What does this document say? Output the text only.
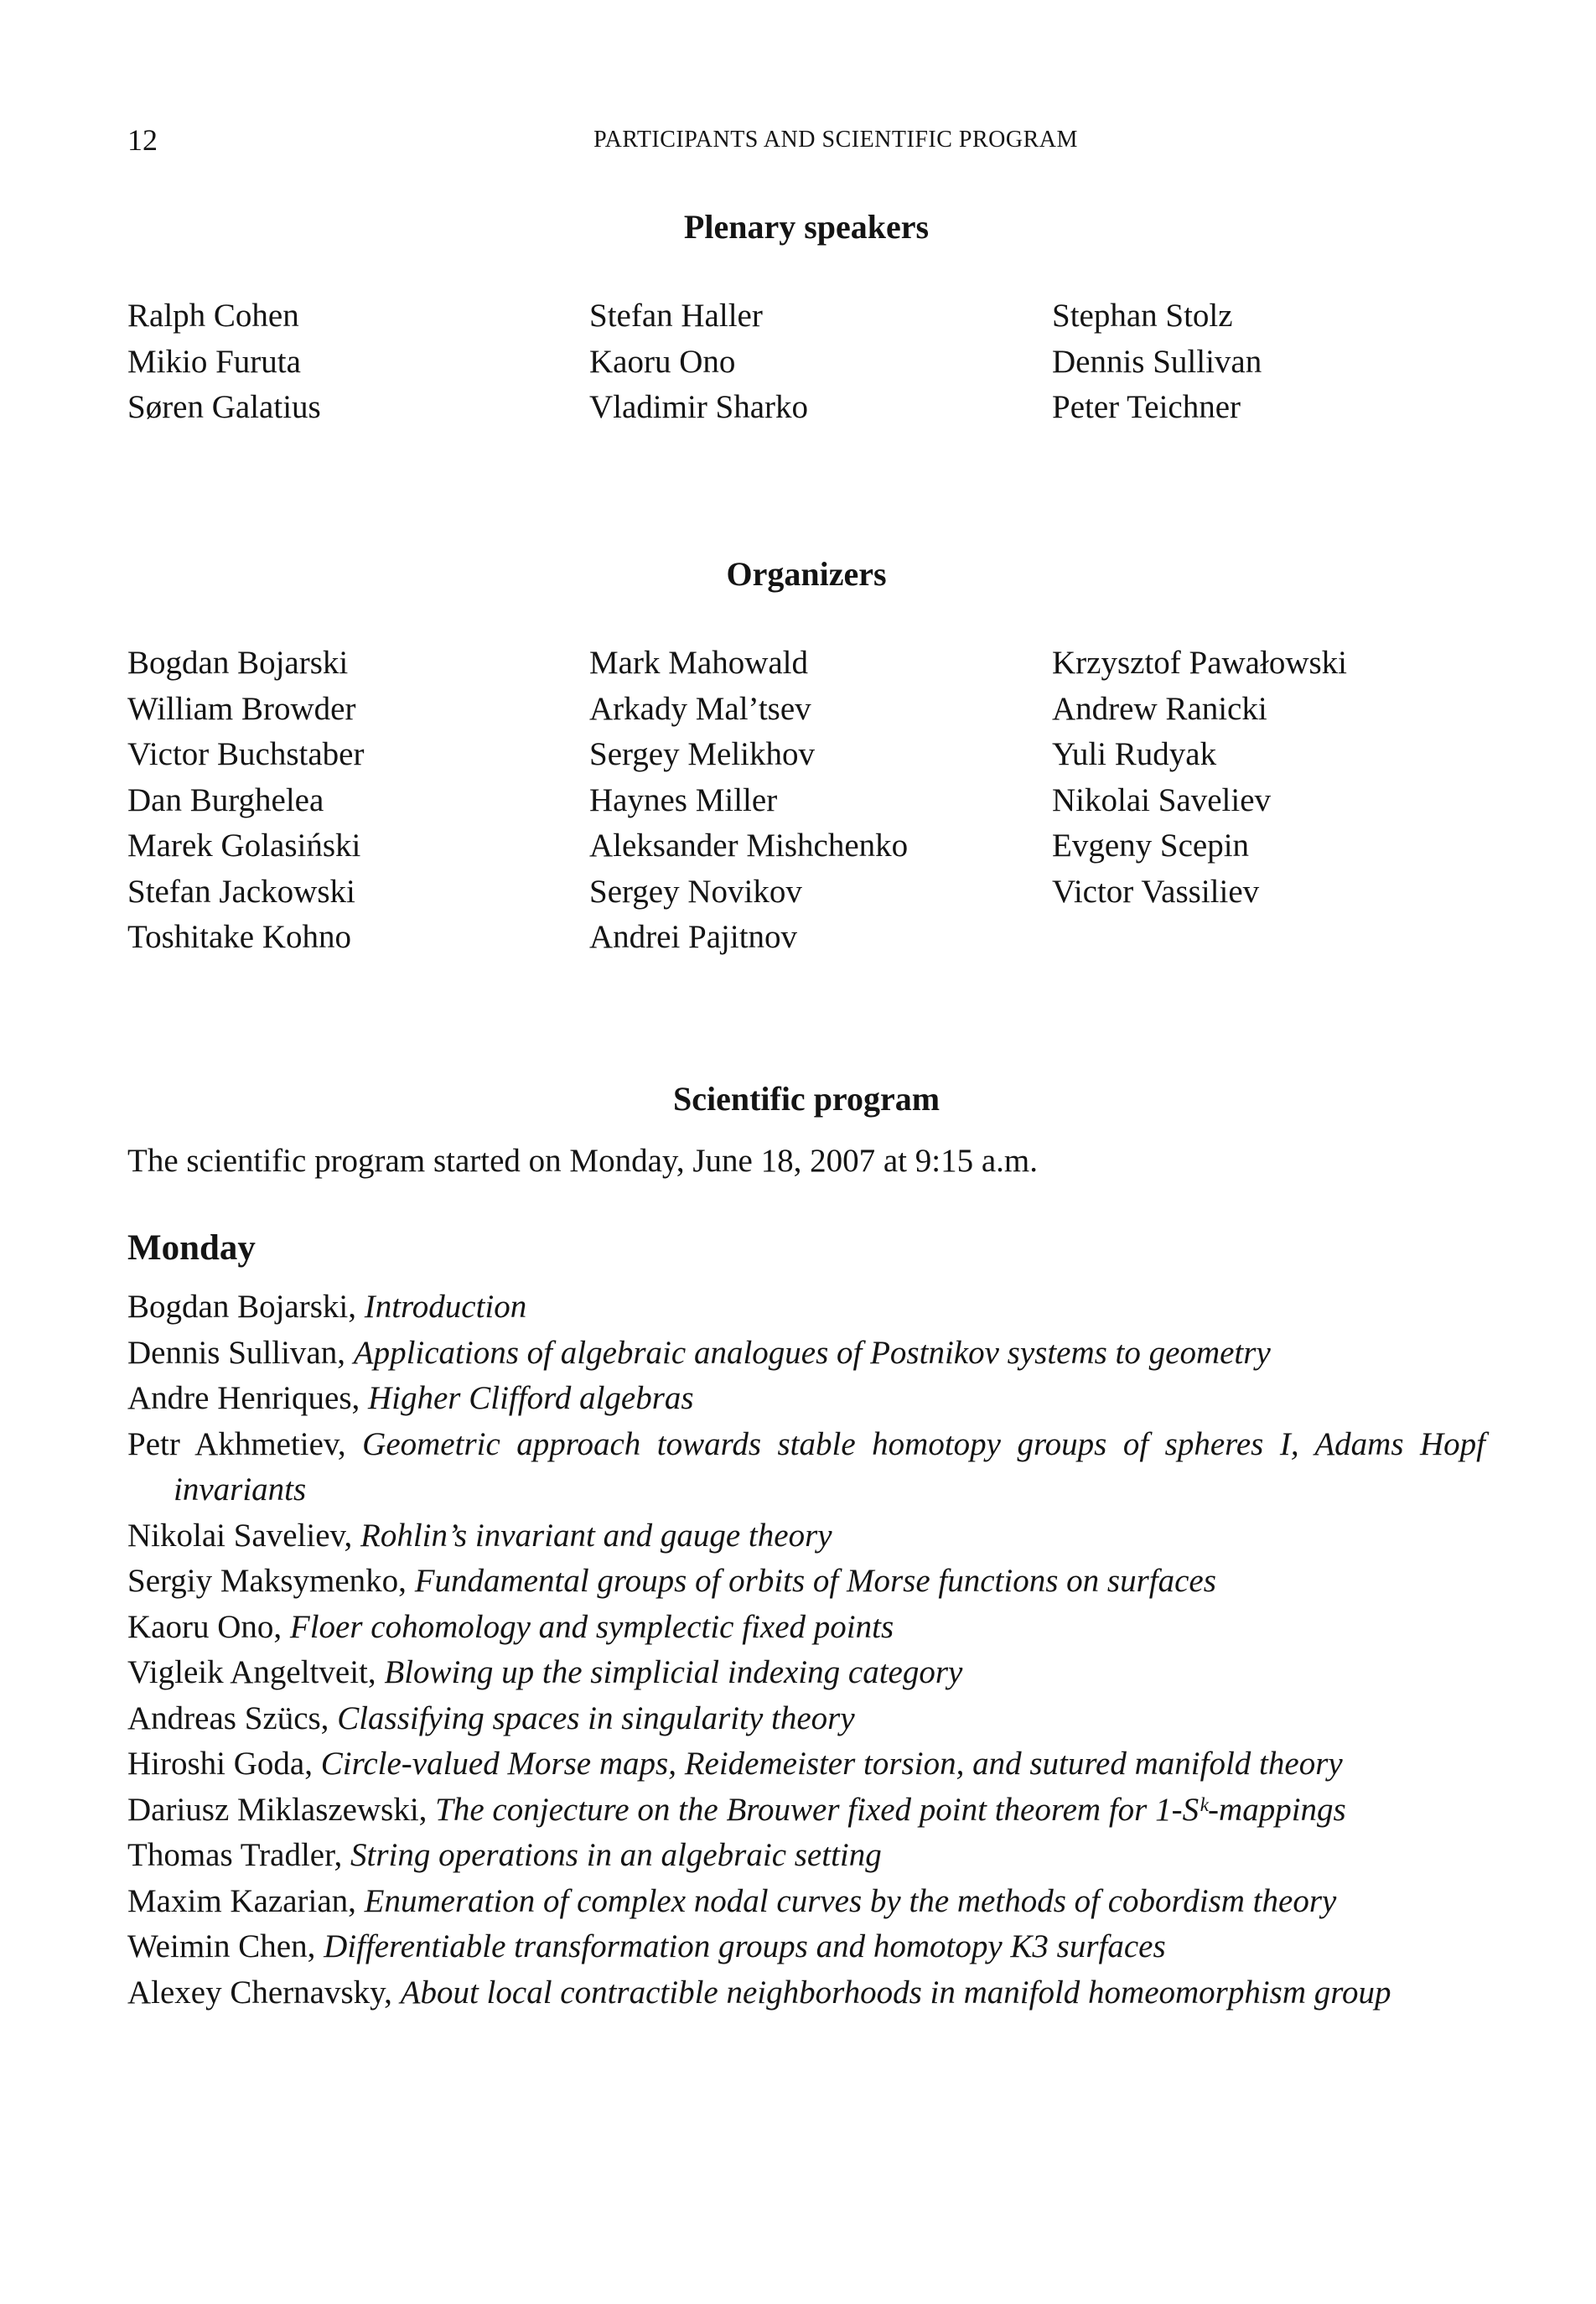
12	PARTICIPANTS AND SCIENTIFIC PROGRAM
Plenary speakers
Ralph Cohen
Mikio Furuta
Søren Galatius
Stefan Haller
Kaoru Ono
Vladimir Sharko
Stephan Stolz
Dennis Sullivan
Peter Teichner
Organizers
Bogdan Bojarski
William Browder
Victor Buchstaber
Dan Burghelea
Marek Golasiński
Stefan Jackowski
Toshitake Kohno
Mark Mahowald
Arkady Mal’tsev
Sergey Melikhov
Haynes Miller
Aleksander Mishchenko
Sergey Novikov
Andrei Pajitnov
Krzysztof Pawałowski
Andrew Ranicki
Yuli Rudyak
Nikolai Saveliev
Evgeny Scepin
Victor Vassiliev
Scientific program
The scientific program started on Monday, June 18, 2007 at 9:15 a.m.
Monday
Bogdan Bojarski, Introduction
Dennis Sullivan, Applications of algebraic analogues of Postnikov systems to geometry
Andre Henriques, Higher Clifford algebras
Petr Akhmetiev, Geometric approach towards stable homotopy groups of spheres I, Adams Hopf invariants
Nikolai Saveliev, Rohlin’s invariant and gauge theory
Sergiy Maksymenko, Fundamental groups of orbits of Morse functions on surfaces
Kaoru Ono, Floer cohomology and symplectic fixed points
Vigleik Angeltveit, Blowing up the simplicial indexing category
Andreas Szücs, Classifying spaces in singularity theory
Hiroshi Goda, Circle-valued Morse maps, Reidemeister torsion, and sutured manifold theory
Dariusz Miklaszewski, The conjecture on the Brouwer fixed point theorem for 1-Sᵏ-mappings
Thomas Tradler, String operations in an algebraic setting
Maxim Kazarian, Enumeration of complex nodal curves by the methods of cobordism theory
Weimin Chen, Differentiable transformation groups and homotopy K3 surfaces
Alexey Chernavsky, About local contractible neighborhoods in manifold homeomorphism group
